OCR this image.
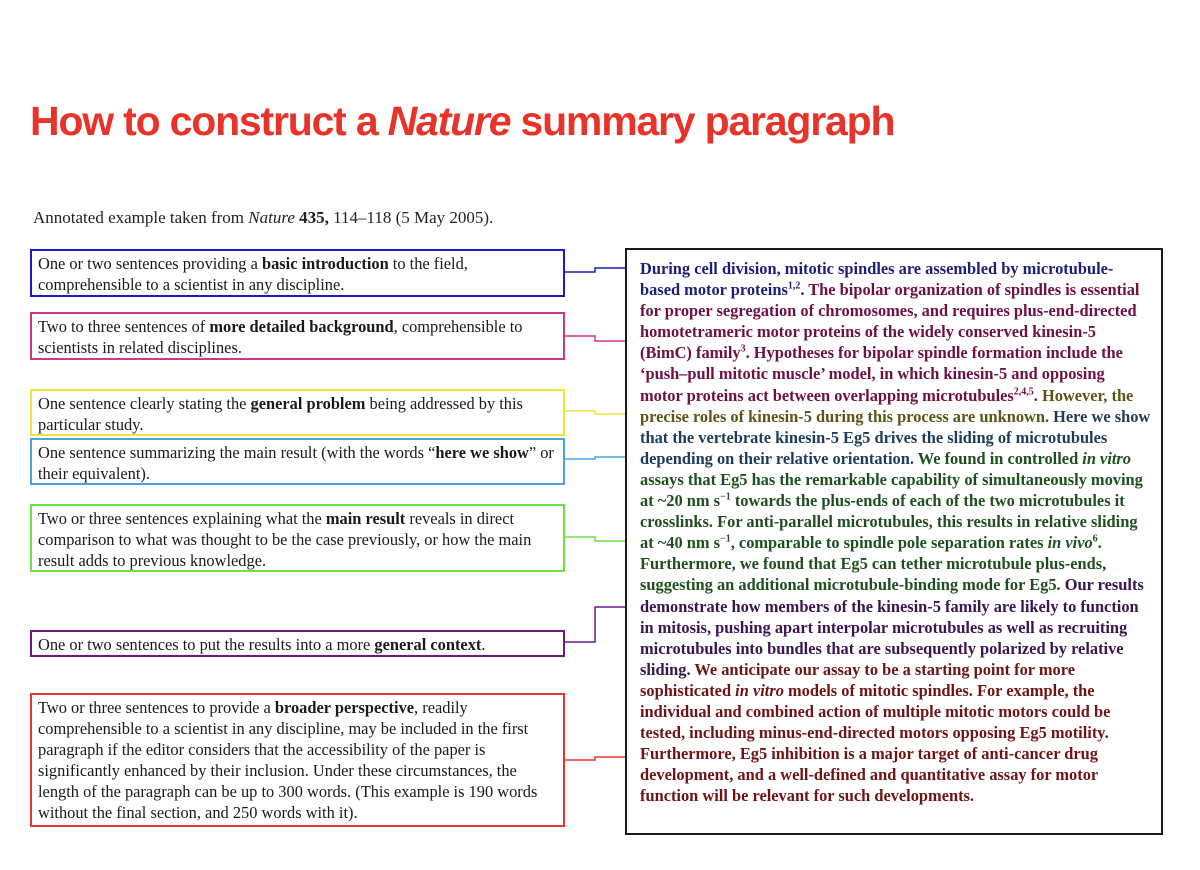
How to construct a Nature summary paragraph
Annotated example taken from Nature 435, 114–118 (5 May 2005).
One or two sentences providing a basic introduction to the field, comprehensible to a scientist in any discipline.
Two to three sentences of more detailed background, comprehensible to scientists in related disciplines.
One sentence clearly stating the general problem being addressed by this particular study.
One sentence summarizing the main result (with the words “here we show” or their equivalent).
Two or three sentences explaining what the main result reveals in direct comparison to what was thought to be the case previously, or how the main result adds to previous knowledge.
One or two sentences to put the results into a more general context.
Two or three sentences to provide a broader perspective, readily comprehensible to a scientist in any discipline, may be included in the first paragraph if the editor considers that the accessibility of the paper is significantly enhanced by their inclusion. Under these circumstances, the length of the paragraph can be up to 300 words. (This example is 190 words without the final section, and 250 words with it).
During cell division, mitotic spindles are assembled by microtubule-based motor proteins$^{1,2}$. The bipolar organization of spindles is essential for proper segregation of chromosomes, and requires plus-end-directed homotetrameric motor proteins of the widely conserved kinesin-5 (BimC) family$^3$. Hypotheses for bipolar spindle formation include the ‘push–pull mitotic muscle’ model, in which kinesin-5 and opposing motor proteins act between overlapping microtubules$^{2,4,5}$. However, the precise roles of kinesin-5 during this process are unknown. Here we show that the vertebrate kinesin-5 Eg5 drives the sliding of microtubules depending on their relative orientation. We found in controlled in vitro assays that Eg5 has the remarkable capability of simultaneously moving at ~20 nm $s^{-1}$ towards the plus-ends of each of the two microtubules it crosslinks. For anti-parallel microtubules, this results in relative sliding at ~40 nm $s^{-1}$, comparable to spindle pole separation rates in vivo$^6$. Furthermore, we found that Eg5 can tether microtubule plus-ends, suggesting an additional microtubule-binding mode for Eg5. Our results demonstrate how members of the kinesin-5 family are likely to function in mitosis, pushing apart interpolar microtubules as well as recruiting microtubules into bundles that are subsequently polarized by relative sliding. We anticipate our assay to be a starting point for more sophisticated in vitro models of mitotic spindles. For example, the individual and combined action of multiple mitotic motors could be tested, including minus-end-directed motors opposing Eg5 motility. Furthermore, Eg5 inhibition is a major target of anti-cancer drug development, and a well-defined and quantitative assay for motor function will be relevant for such developments.
